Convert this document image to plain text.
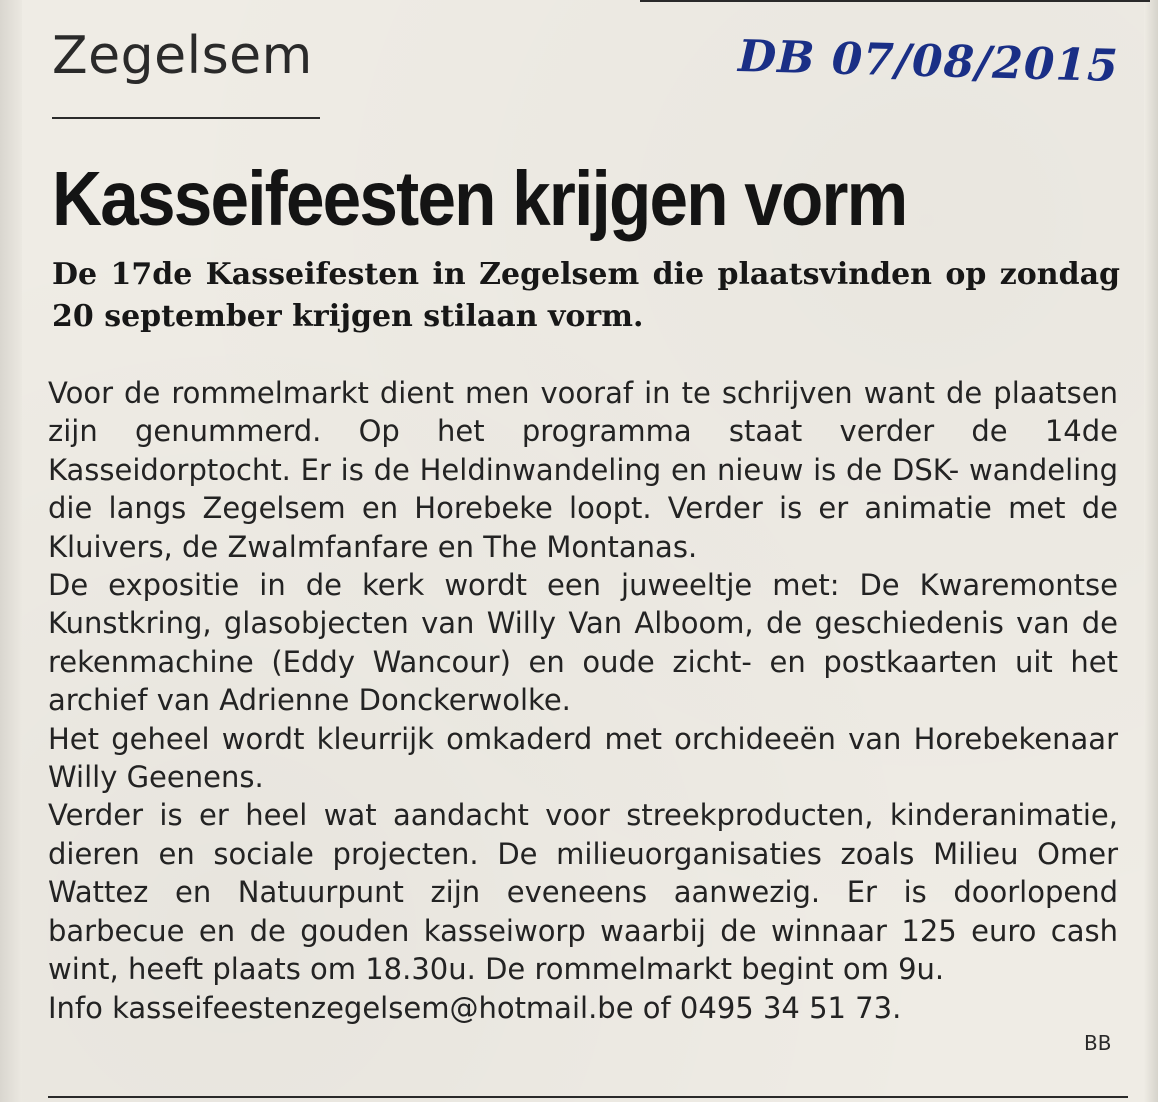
Zegelsem	DB 07/08/2015
Kasseifeesten krijgen vorm

De 17de Kasseifesten in Zegelsem die plaatsvinden op zondag 20 september krijgen stilaan vorm.

Voor de rommelmarkt dient men vooraf in te schrijven want de plaatsen zijn genummerd. Op het programma staat verder de 14de Kasseidorptocht. Er is de Heldinwandeling en nieuw is de DSK- wandeling die langs Zegelsem en Horebeke loopt. Verder is er animatie met de Kluivers, de Zwalmfanfare en The Montanas.

De expositie in de kerk wordt een juweeltje met: De Kwaremontse Kunstkring, glasobjecten van Willy Van Alboom, de geschiedenis van de rekenmachine (Eddy Wancour) en oude zicht- en postkaarten uit het archief van Adrienne Donckerwolke.

Het geheel wordt kleurrijk omkaderd met orchideeën van Horebekenaar Willy Geenens.

Verder is er heel wat aandacht voor streekproducten, kinderanimatie, dieren en sociale projecten. De milieuorganisaties zoals Milieu Omer Wattez en Natuurpunt zijn eveneens aanwezig. Er is doorlopend barbecue en de gouden kasseiworp waarbij de winnaar 125 euro cash wint, heeft plaats om 18.30u. De rommelmarkt begint om 9u.

Info kasseifeestenzegelsem@hotmail.be of 0495 34 51 73.

BB
